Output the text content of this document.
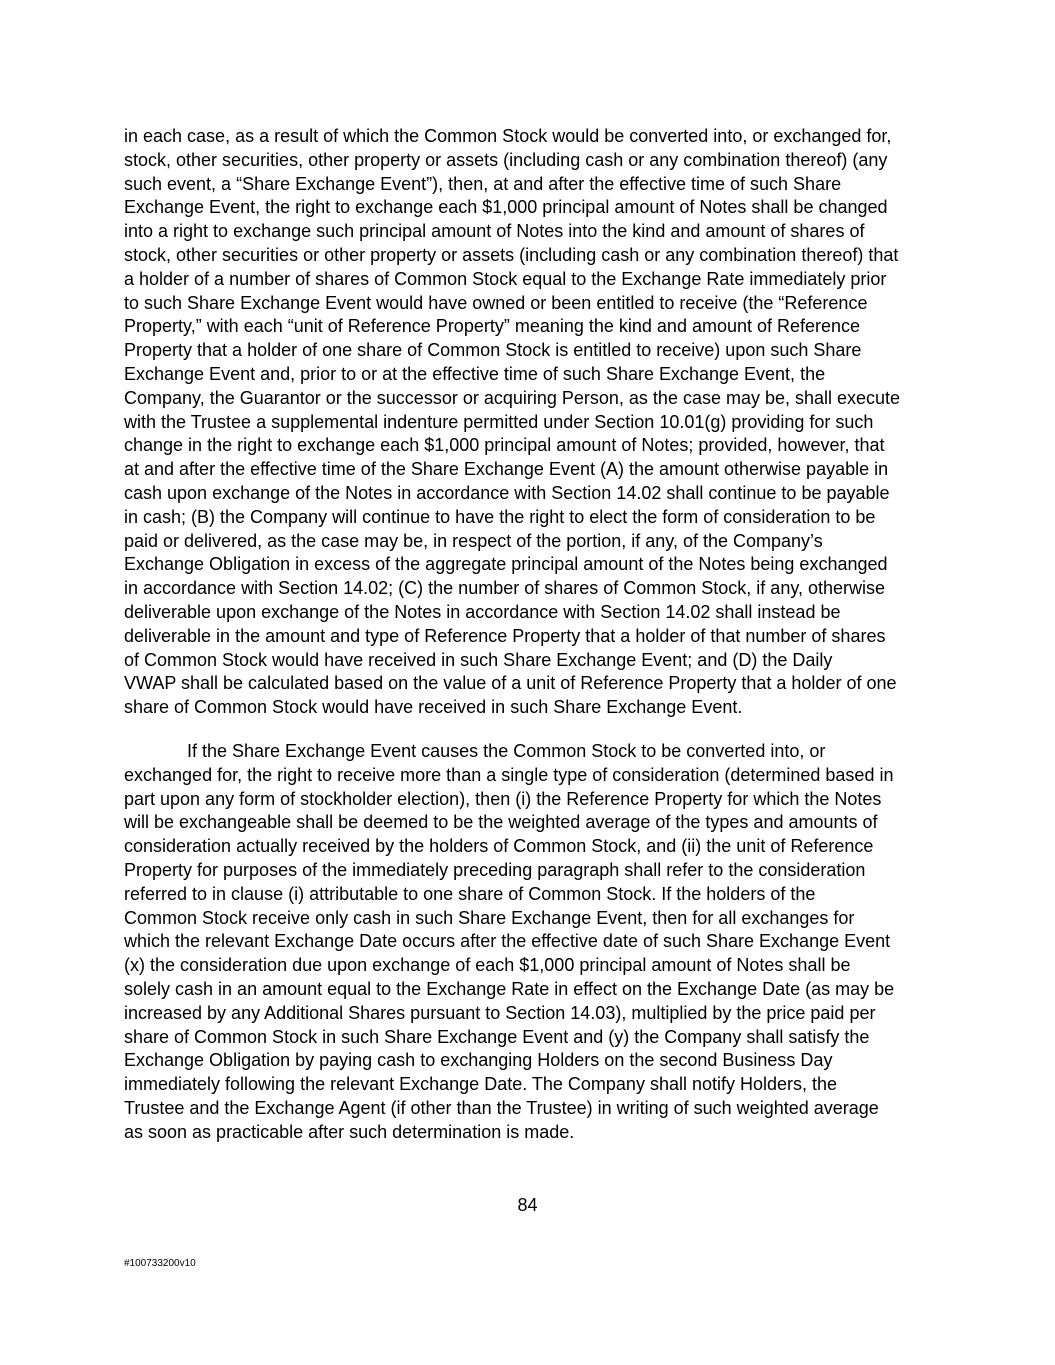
in each case, as a result of which the Common Stock would be converted into, or exchanged for,
stock, other securities, other property or assets (including cash or any combination thereof) (any
such event, a “Share Exchange Event”), then, at and after the effective time of such Share
Exchange Event, the right to exchange each $1,000 principal amount of Notes shall be changed
into a right to exchange such principal amount of Notes into the kind and amount of shares of
stock, other securities or other property or assets (including cash or any combination thereof) that
a holder of a number of shares of Common Stock equal to the Exchange Rate immediately prior
to such Share Exchange Event would have owned or been entitled to receive (the “Reference
Property,” with each “unit of Reference Property” meaning the kind and amount of Reference
Property that a holder of one share of Common Stock is entitled to receive) upon such Share
Exchange Event and, prior to or at the effective time of such Share Exchange Event, the
Company, the Guarantor or the successor or acquiring Person, as the case may be, shall execute
with the Trustee a supplemental indenture permitted under Section 10.01(g) providing for such
change in the right to exchange each $1,000 principal amount of Notes; provided, however, that
at and after the effective time of the Share Exchange Event (A) the amount otherwise payable in
cash upon exchange of the Notes in accordance with Section 14.02 shall continue to be payable
in cash; (B) the Company will continue to have the right to elect the form of consideration to be
paid or delivered, as the case may be, in respect of the portion, if any, of the Company’s
Exchange Obligation in excess of the aggregate principal amount of the Notes being exchanged
in accordance with Section 14.02; (C) the number of shares of Common Stock, if any, otherwise
deliverable upon exchange of the Notes in accordance with Section 14.02 shall instead be
deliverable in the amount and type of Reference Property that a holder of that number of shares
of Common Stock would have received in such Share Exchange Event; and (D) the Daily
VWAP shall be calculated based on the value of a unit of Reference Property that a holder of one
share of Common Stock would have received in such Share Exchange Event.
If the Share Exchange Event causes the Common Stock to be converted into, or
exchanged for, the right to receive more than a single type of consideration (determined based in
part upon any form of stockholder election), then (i) the Reference Property for which the Notes
will be exchangeable shall be deemed to be the weighted average of the types and amounts of
consideration actually received by the holders of Common Stock, and (ii) the unit of Reference
Property for purposes of the immediately preceding paragraph shall refer to the consideration
referred to in clause (i) attributable to one share of Common Stock. If the holders of the
Common Stock receive only cash in such Share Exchange Event, then for all exchanges for
which the relevant Exchange Date occurs after the effective date of such Share Exchange Event
(x) the consideration due upon exchange of each $1,000 principal amount of Notes shall be
solely cash in an amount equal to the Exchange Rate in effect on the Exchange Date (as may be
increased by any Additional Shares pursuant to Section 14.03), multiplied by the price paid per
share of Common Stock in such Share Exchange Event and (y) the Company shall satisfy the
Exchange Obligation by paying cash to exchanging Holders on the second Business Day
immediately following the relevant Exchange Date. The Company shall notify Holders, the
Trustee and the Exchange Agent (if other than the Trustee) in writing of such weighted average
as soon as practicable after such determination is made.
84
#100733200v10
